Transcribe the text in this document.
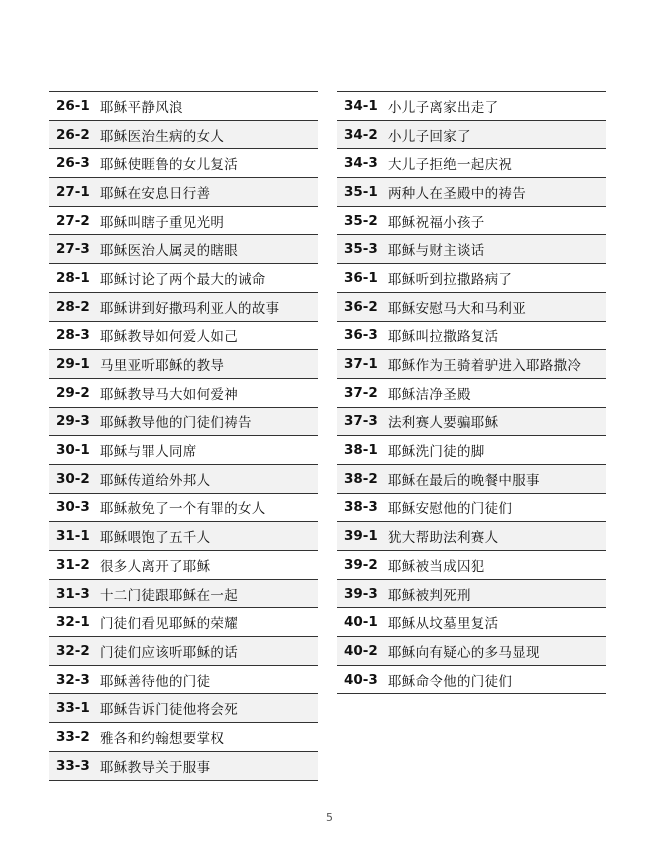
26-1 耶稣平静风浪
26-2 耶稣医治生病的女人
26-3 耶稣使睚鲁的女儿复活
27-1 耶稣在安息日行善
27-2 耶稣叫瞎子重见光明
27-3 耶稣医治人属灵的瞎眼
28-1 耶稣讨论了两个最大的诫命
28-2 耶稣讲到好撒玛利亚人的故事
28-3 耶稣教导如何爱人如己
29-1 马里亚听耶稣的教导
29-2 耶稣教导马大如何爱神
29-3 耶稣教导他的门徒们祷告
30-1 耶稣与罪人同席
30-2 耶稣传道给外邦人
30-3 耶稣赦免了一个有罪的女人
31-1 耶稣喂饱了五千人
31-2 很多人离开了耶稣
31-3 十二门徒跟耶稣在一起
32-1 门徒们看见耶稣的荣耀
32-2 门徒们应该听耶稣的话
32-3 耶稣善待他的门徒
33-1 耶稣告诉门徒他将会死
33-2 雅各和约翰想要掌权
33-3 耶稣教导关于服事
34-1 小儿子离家出走了
34-2 小儿子回家了
34-3 大儿子拒绝一起庆祝
35-1 两种人在圣殿中的祷告
35-2 耶稣祝福小孩子
35-3 耶稣与财主谈话
36-1 耶稣听到拉撒路病了
36-2 耶稣安慰马大和马利亚
36-3 耶稣叫拉撒路复活
37-1 耶稣作为王骑着驴进入耶路撒冷
37-2 耶稣洁净圣殿
37-3 法利赛人要骗耶稣
38-1 耶稣洗门徒的脚
38-2 耶稣在最后的晚餐中服事
38-3 耶稣安慰他的门徒们
39-1 犹大帮助法利赛人
39-2 耶稣被当成囚犯
39-3 耶稣被判死刑
40-1 耶稣从坟墓里复活
40-2 耶稣向有疑心的多马显现
40-3 耶稣命令他的门徒们
5
